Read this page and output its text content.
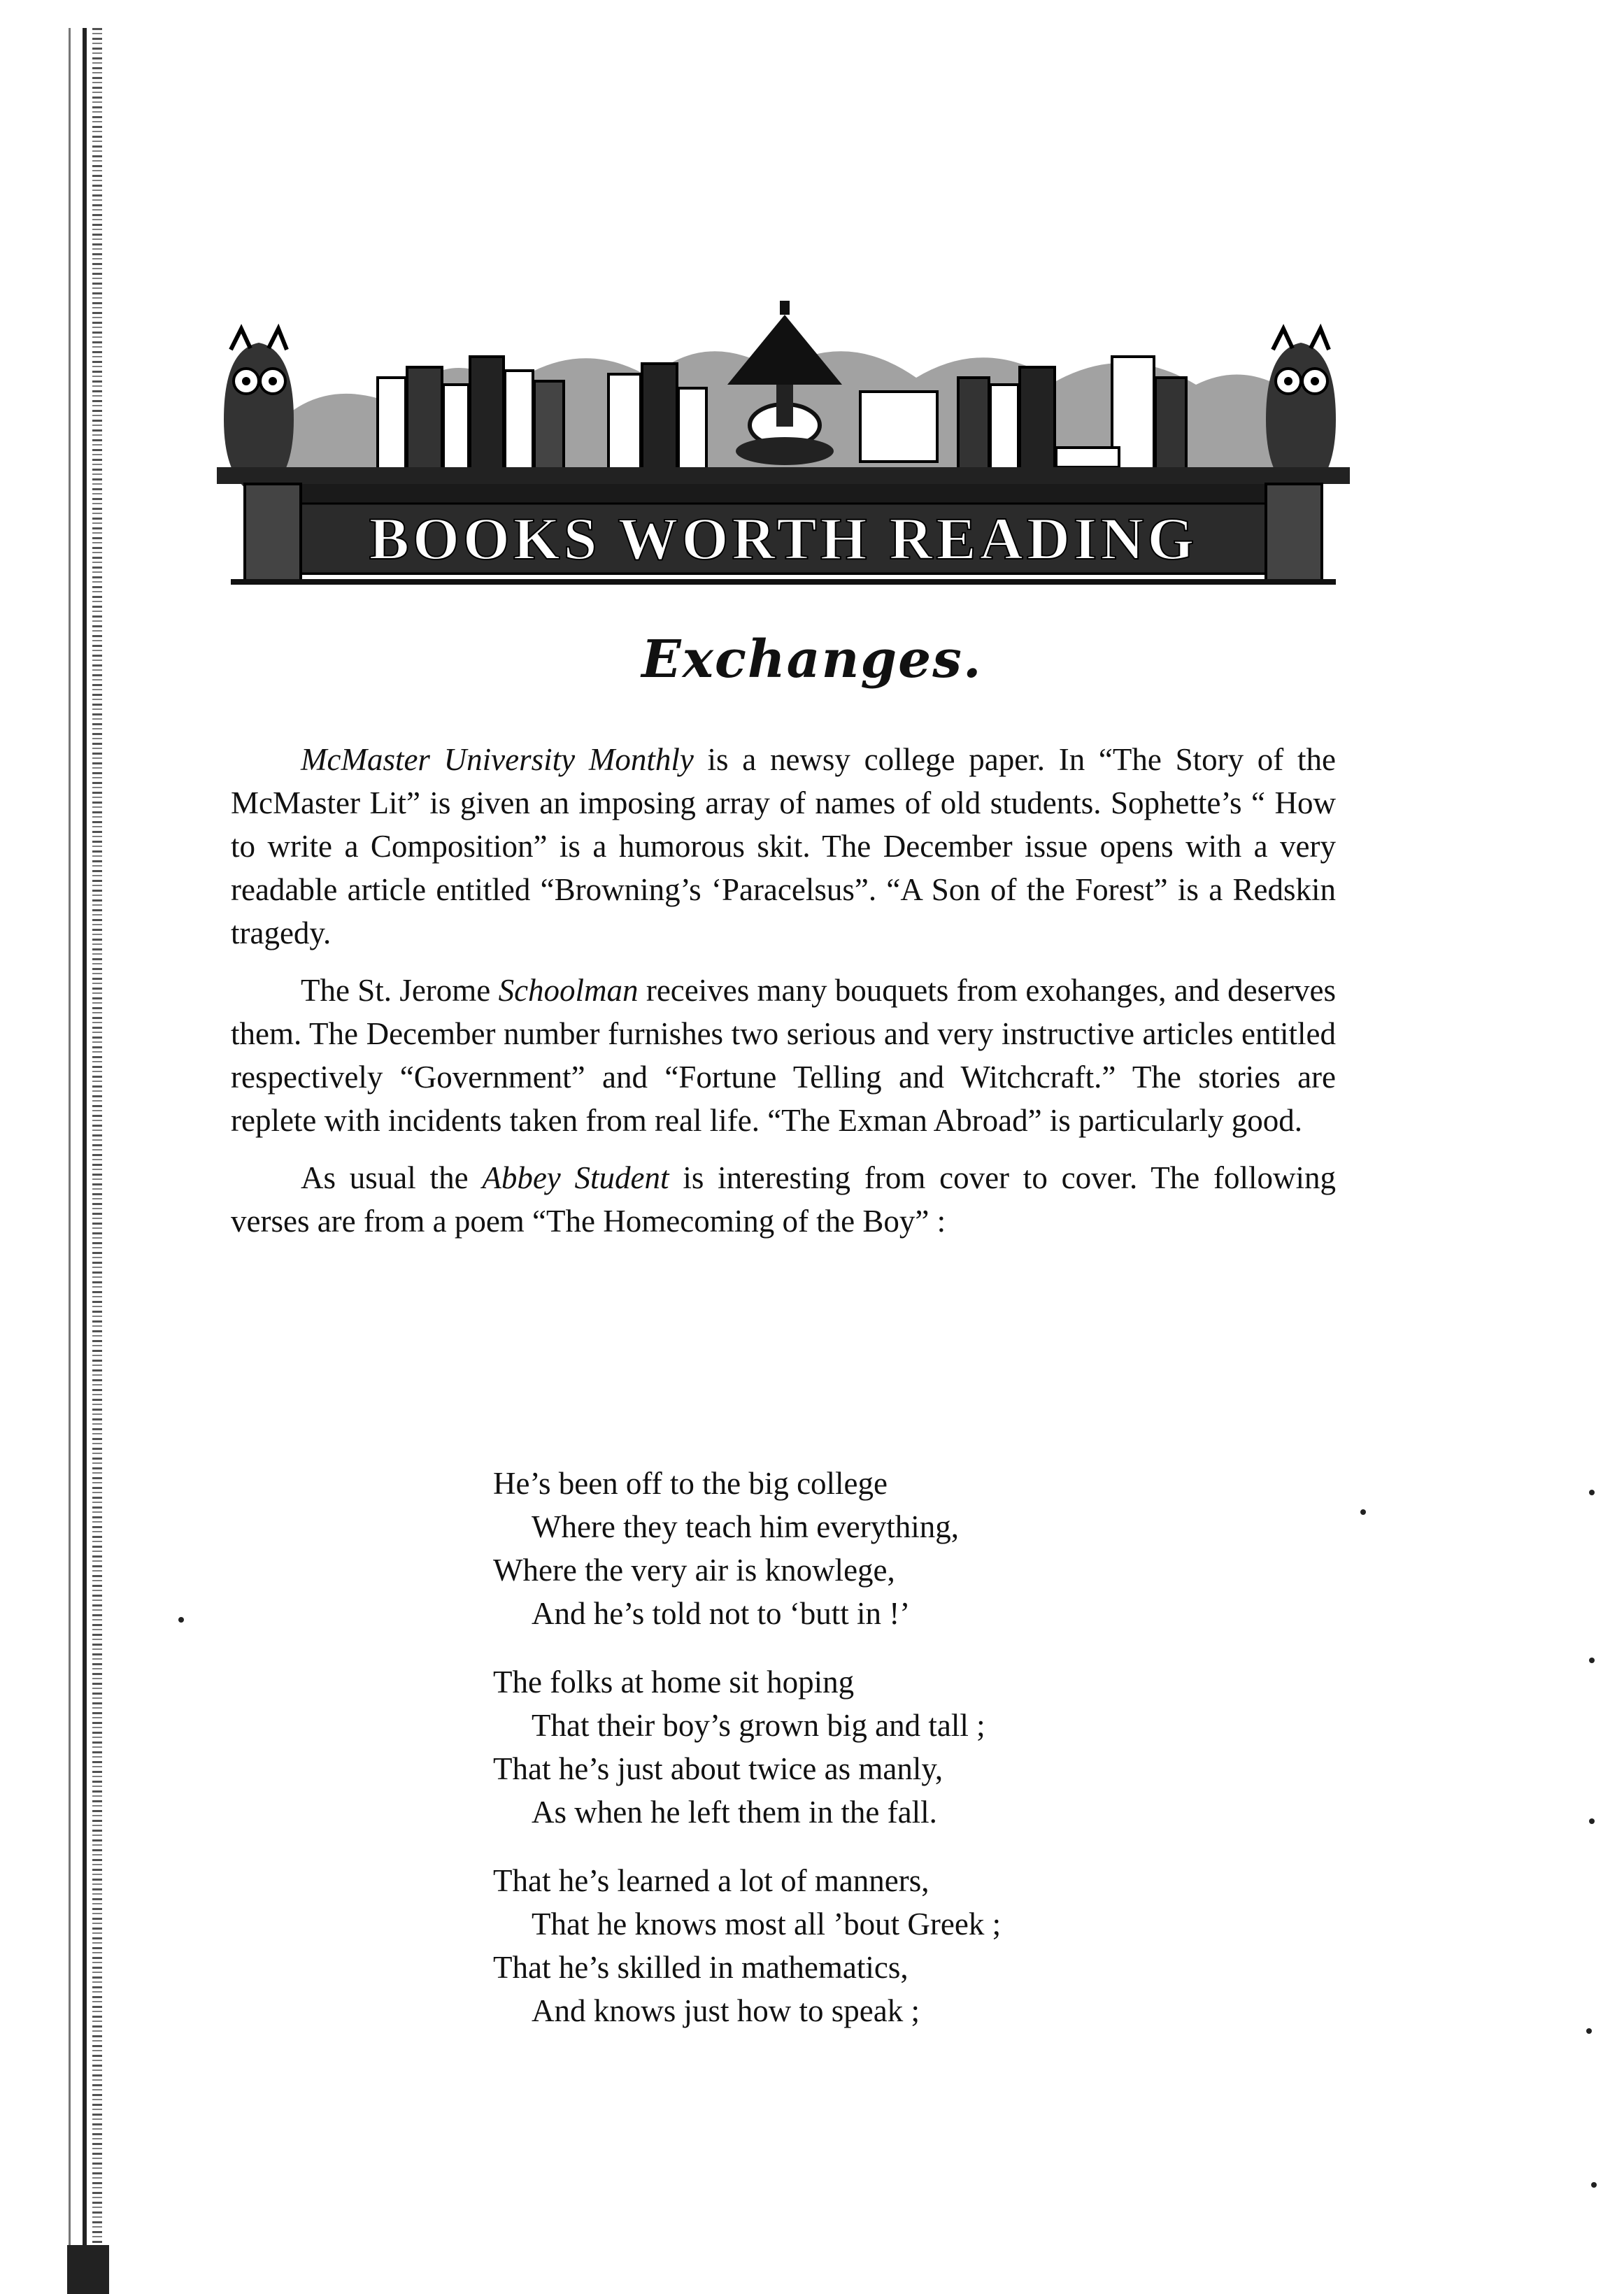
BOOKS WORTH READING
Exchanges.

McMaster University Monthly is a newsy college paper. In “The Story of the McMaster Lit” is given an imposing array of names of old students. Sophette’s “ How to write a Composition” is a humorous skit. The December issue opens with a very readable article entitled “Browning’s ‘Paracelsus”. “A Son of the Forest” is a Redskin tragedy.

The St. Jerome Schoolman receives many bouquets from exohanges, and deserves them. The December number furnishes two serious and very instructive articles entitled respectively “Government” and “Fortune Telling and Witchcraft.” The stories are replete with incidents taken from real life. “The Exman Abroad” is particularly good.

As usual the Abbey Student is interesting from cover to cover. The following verses are from a poem “The Homecoming of the Boy” :

He’s been off to the big college
Where they teach him everything,
Where the very air is knowlege,
And he’s told not to ‘butt in !’
The folks at home sit hoping
That their boy’s grown big and tall ;
That he’s just about twice as manly,
As when he left them in the fall.
That he’s learned a lot of manners,
That he knows most all ’bout Greek ;
That he’s skilled in mathematics,
And knows just how to speak ;
